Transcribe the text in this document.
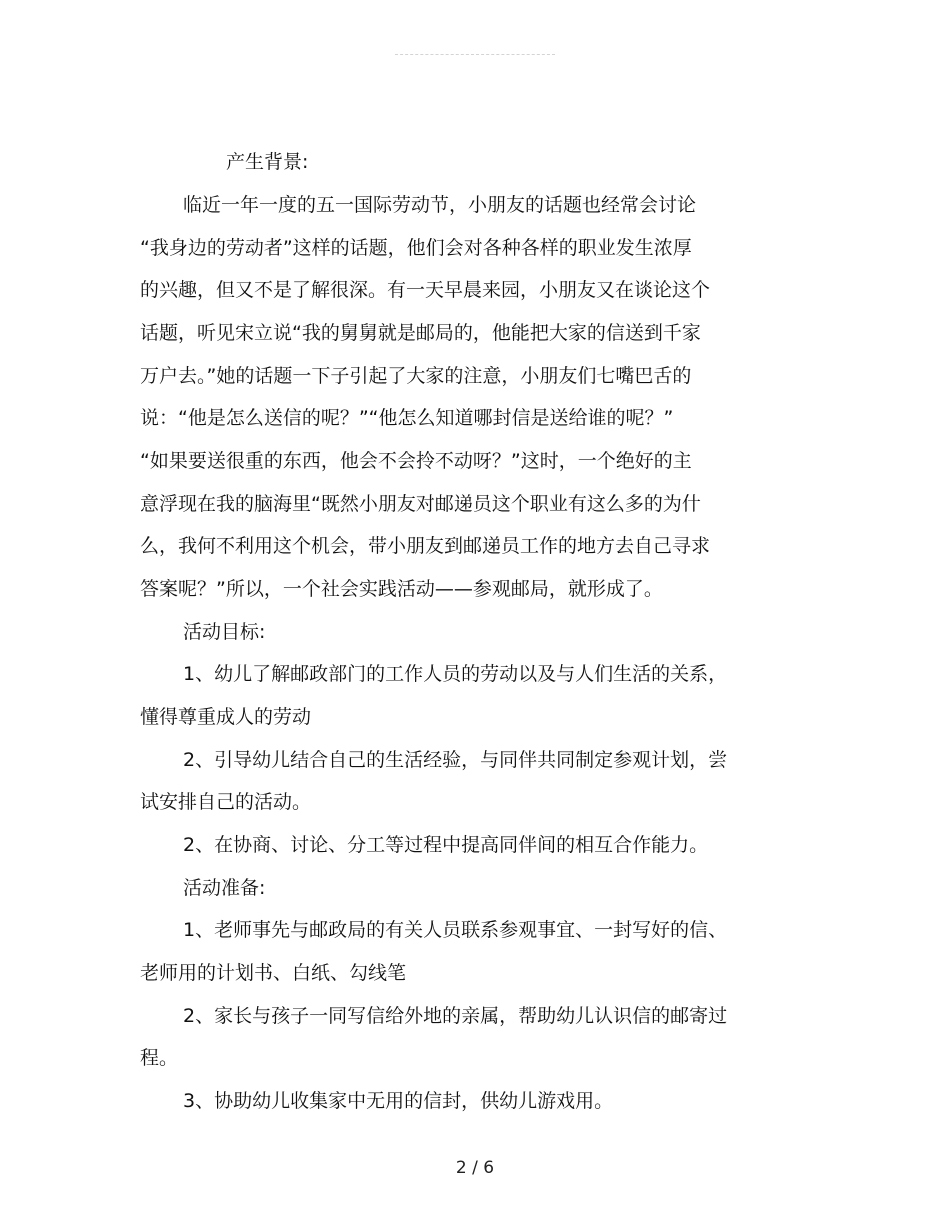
产生背景:
临近一年一度的五一国际劳动节，小朋友的话题也经常会讨论
“我身边的劳动者”这样的话题，他们会对各种各样的职业发生浓厚
的兴趣，但又不是了解很深。有一天早晨来园，小朋友又在谈论这个
话题，听见宋立说“我的舅舅就是邮局的，他能把大家的信送到千家
万户去。”她的话题一下子引起了大家的注意，小朋友们七嘴巴舌的
说：“他是怎么送信的呢？”“他怎么知道哪封信是送给谁的呢？”
“如果要送很重的东西，他会不会拎不动呀？”这时，一个绝好的主
意浮现在我的脑海里“既然小朋友对邮递员这个职业有这么多的为什
么，我何不利用这个机会，带小朋友到邮递员工作的地方去自己寻求
答案呢？”所以，一个社会实践活动——参观邮局，就形成了。
活动目标:
1、幼儿了解邮政部门的工作人员的劳动以及与人们生活的关系，
懂得尊重成人的劳动
2、引导幼儿结合自己的生活经验，与同伴共同制定参观计划，尝
试安排自己的活动。
2、在协商、讨论、分工等过程中提高同伴间的相互合作能力。
活动准备:
1、老师事先与邮政局的有关人员联系参观事宜、一封写好的信、
老师用的计划书、白纸、勾线笔
2、家长与孩子一同写信给外地的亲属，帮助幼儿认识信的邮寄过
程。
3、协助幼儿收集家中无用的信封，供幼儿游戏用。
2 / 6
